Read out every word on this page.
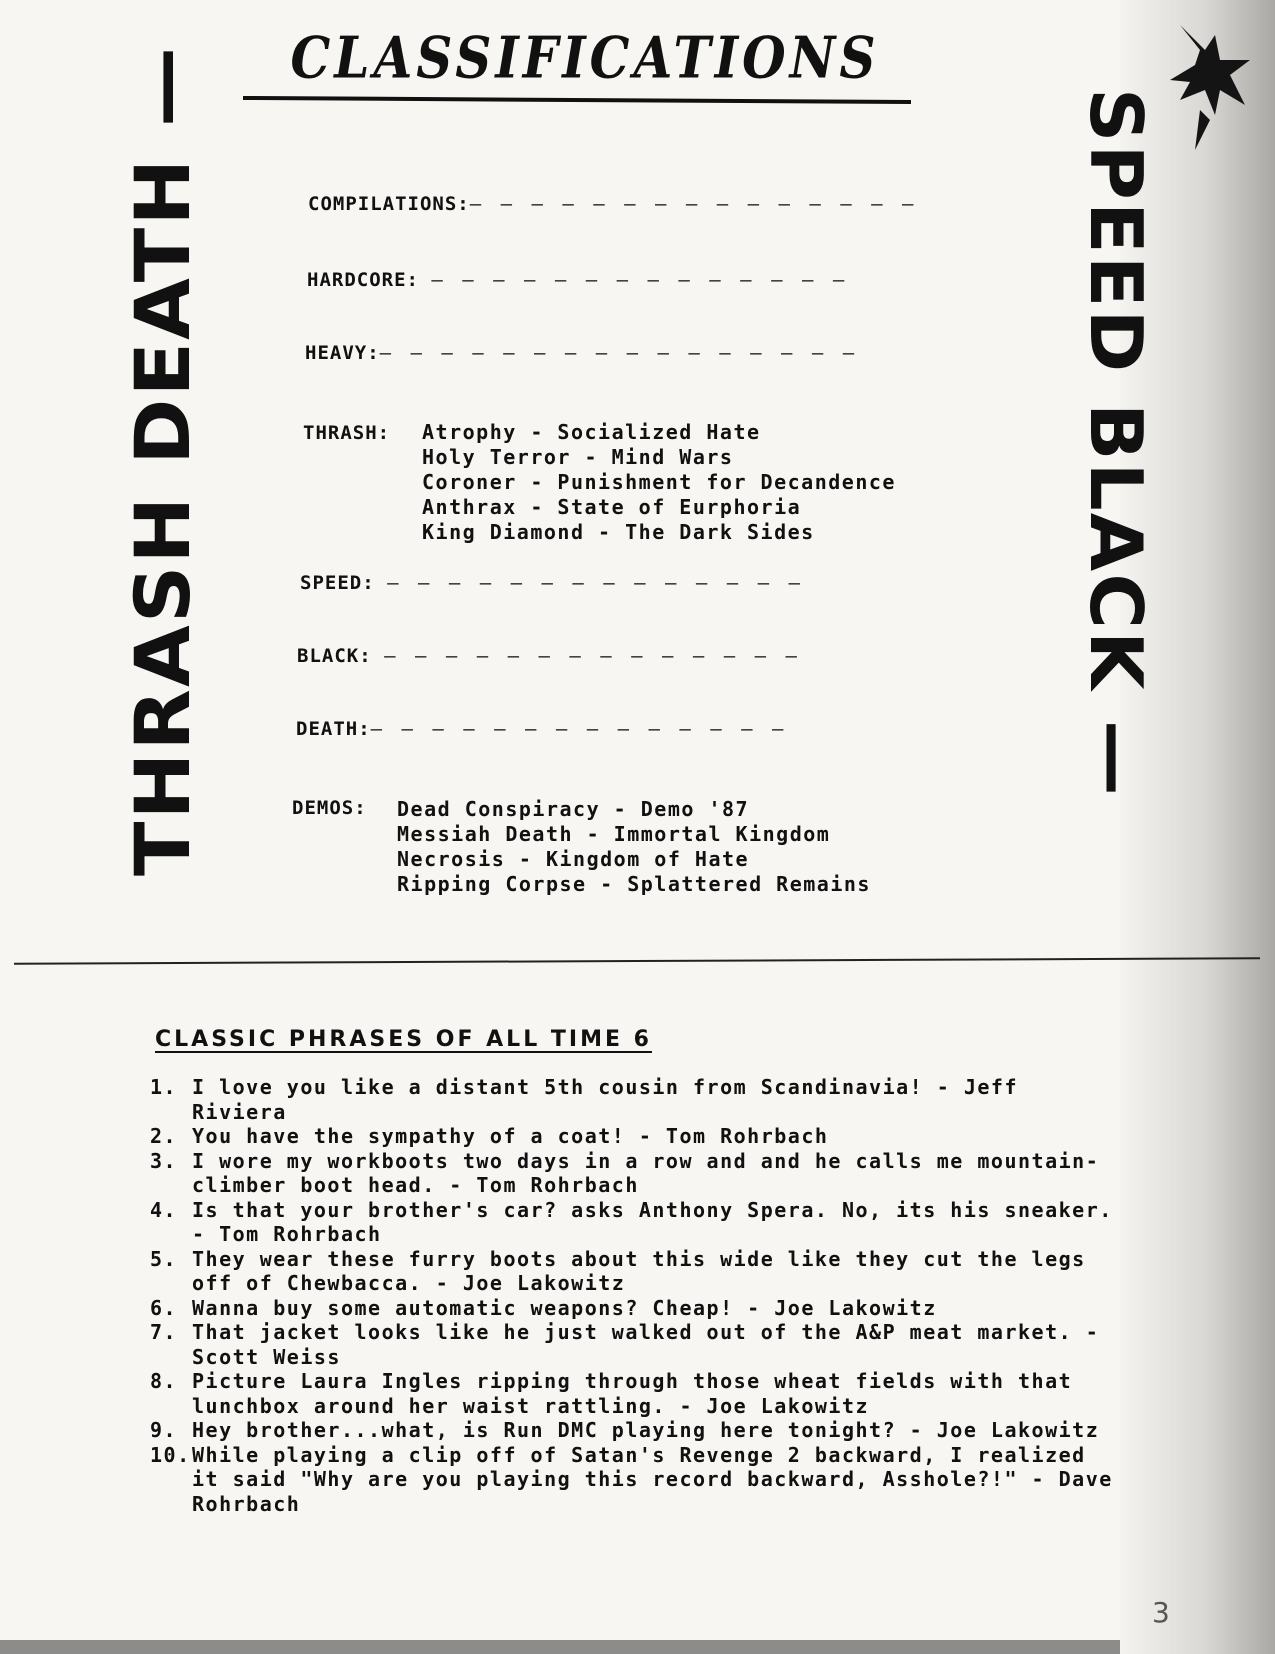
CLASSIFICATIONS
THRASH DEATH —	SPEED BLACK —
COMPILATIONS:– – – – – – – – – – – – – – –
HARDCORE: – – – – – – – – – – – – – –
HEAVY:– – – – – – – – – – – – – – – –
THRASH: Atrophy - Socialized Hate
Holy Terror - Mind Wars
Coroner - Punishment for Decandence
Anthrax - State of Eurphoria
King Diamond - The Dark Sides
SPEED: – – – – – – – – – – – – – –
BLACK: – – – – – – – – – – – – – –
DEATH:– – – – – – – – – – – – – –
DEMOS: Dead Conspiracy - Demo '87
Messiah Death - Immortal Kingdom
Necrosis - Kingdom of Hate
Ripping Corpse - Splattered Remains
CLASSIC PHRASES OF ALL TIME 6
1. I love you like a distant 5th cousin from Scandinavia! - Jeff Riviera
2. You have the sympathy of a coat! - Tom Rohrbach
3. I wore my workboots two days in a row and and he calls me mountain-climber boot head. - Tom Rohrbach
4. Is that your brother's car? asks Anthony Spera. No, its his sneaker. - Tom Rohrbach
5. They wear these furry boots about this wide like they cut the legs off of Chewbacca. - Joe Lakowitz
6. Wanna buy some automatic weapons? Cheap! - Joe Lakowitz
7. That jacket looks like he just walked out of the A&P meat market. - Scott Weiss
8. Picture Laura Ingles ripping through those wheat fields with that lunchbox around her waist rattling. - Joe Lakowitz
9. Hey brother...what, is Run DMC playing here tonight? - Joe Lakowitz
10. While playing a clip off of Satan's Revenge 2 backward, I realized it said "Why are you playing this record backward, Asshole?!" - Dave Rohrbach
3
